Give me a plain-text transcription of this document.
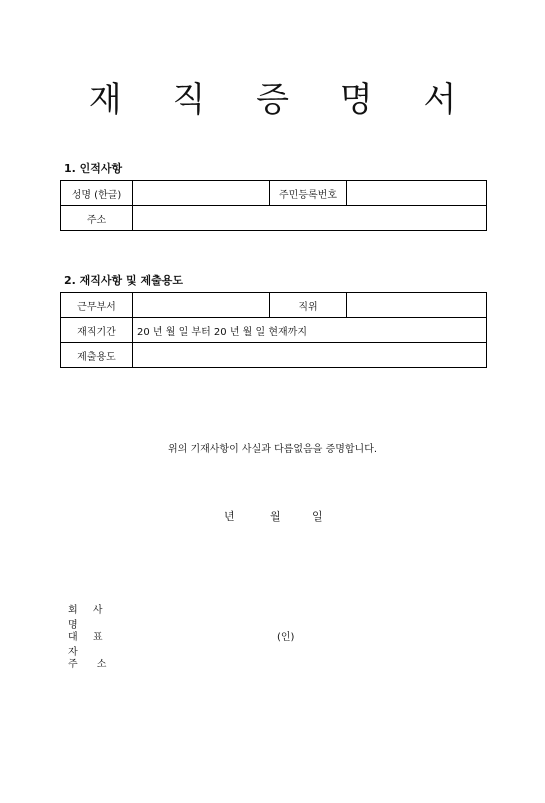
재 직 증 명 서
1. 인적사항
성명 (한글)		주민등록번호	
주소			
2. 재직사항 및 제출용도
근무부서		직위	
재직기간	20 년 월 일 부터 20 년 월 일 현재까지		
제출용도			
위의 기재사항이 사실과 다름없음을 증명합니다.
년	월	일
회 사 명
대 표 자
(인)
주      소
